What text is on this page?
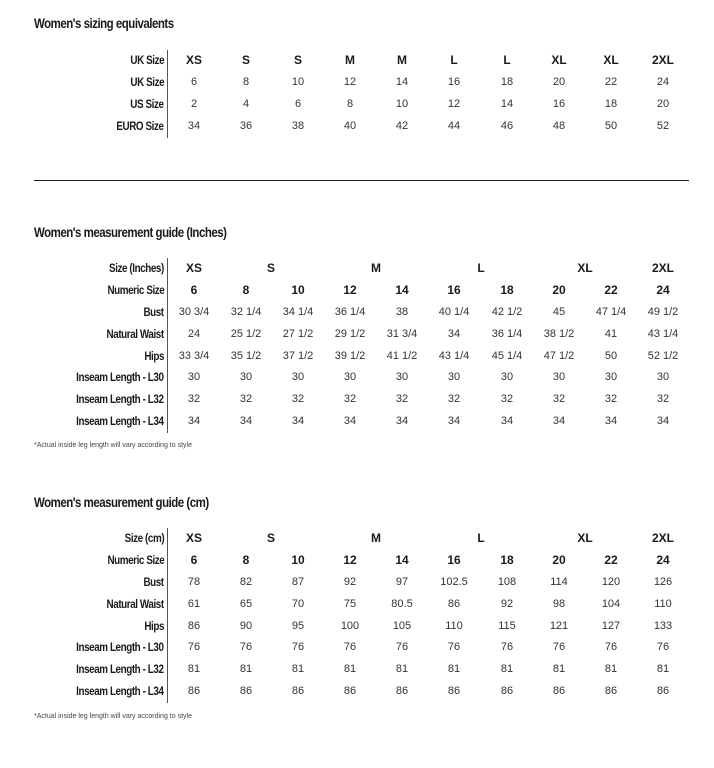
Women's sizing equivalents
Women's measurement guide (Inches)
*Actual inside leg length will vary according to style
Women's measurement guide (cm)
*Actual inside leg length will vary according to style
UK Size	XS	S	S	M	M	L	L	XL	XL	2XL
UK Size	6	8	10	12	14	16	18	20	22	24
US Size	2	4	6	8	10	12	14	16	18	20
EURO Size	34	36	38	40	42	44	46	48	50	52
Size (Inches)	XS	S	M	L	XL	2XL
Numeric Size	6	8	10	12	14	16	18	20	22	24
Bust	30 3/4	32 1/4	34 1/4	36 1/4	38	40 1/4	42 1/2	45	47 1/4	49 1/2
Natural Waist	24	25 1/2	27 1/2	29 1/2	31 3/4	34	36 1/4	38 1/2	41	43 1/4
Hips	33 3/4	35 1/2	37 1/2	39 1/2	41 1/2	43 1/4	45 1/4	47 1/2	50	52 1/2
Inseam Length - L30	30	30	30	30	30	30	30	30	30	30
Inseam Length - L32	32	32	32	32	32	32	32	32	32	32
Inseam Length - L34	34	34	34	34	34	34	34	34	34	34
Size (cm)	XS	S	M	L	XL	2XL
Numeric Size	6	8	10	12	14	16	18	20	22	24
Bust	78	82	87	92	97	102.5	108	114	120	126
Natural Waist	61	65	70	75	80.5	86	92	98	104	110
Hips	86	90	95	100	105	110	115	121	127	133
Inseam Length - L30	76	76	76	76	76	76	76	76	76	76
Inseam Length - L32	81	81	81	81	81	81	81	81	81	81
Inseam Length - L34	86	86	86	86	86	86	86	86	86	86
